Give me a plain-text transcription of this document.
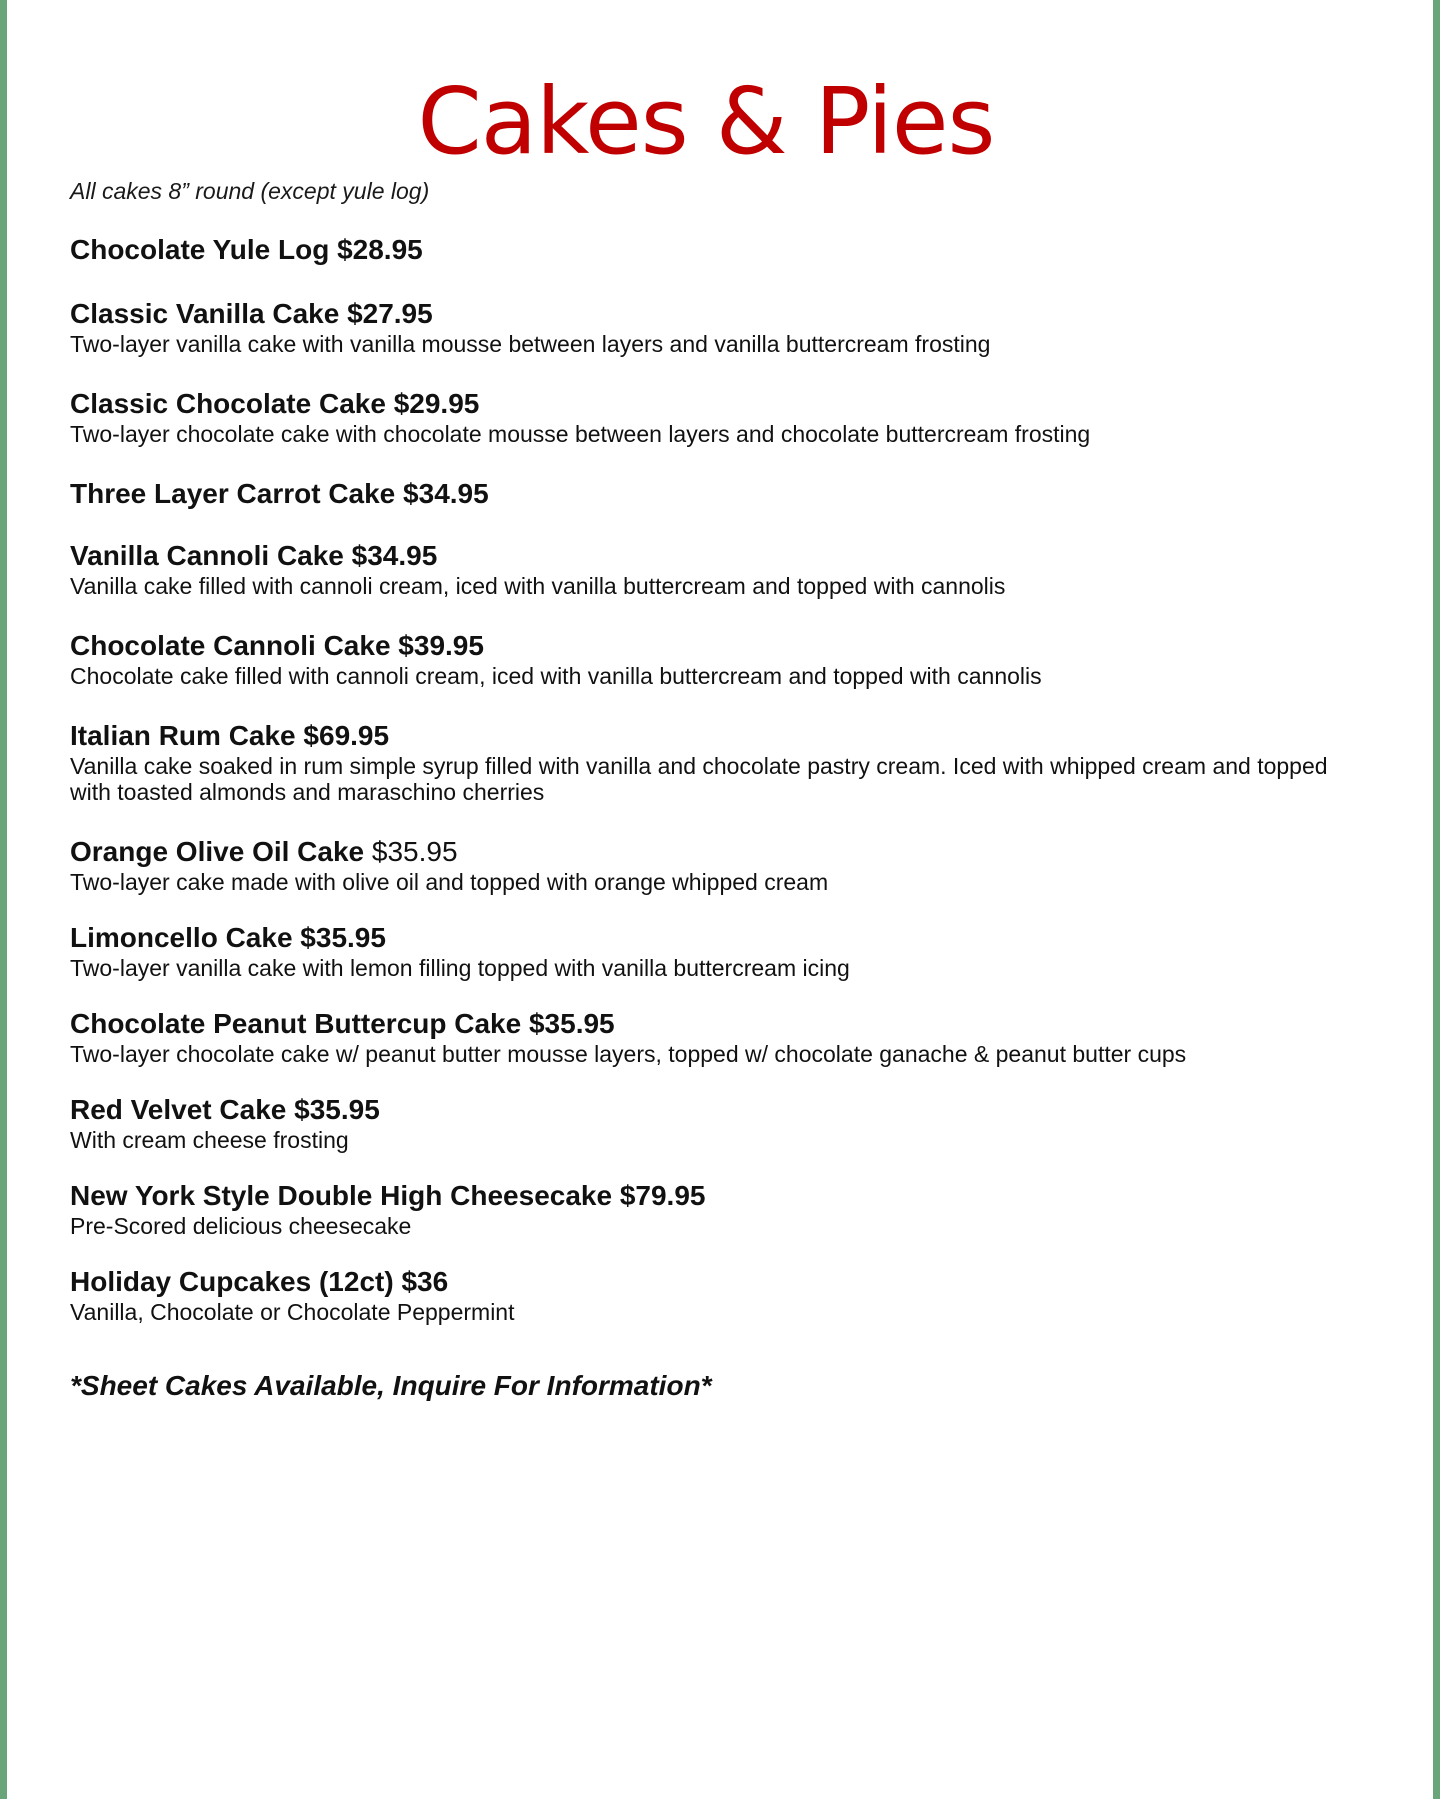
Cakes & Pies
All cakes 8” round (except yule log)
Chocolate Yule Log $28.95
Classic Vanilla Cake $27.95
Two-layer vanilla cake with vanilla mousse between layers and vanilla buttercream frosting
Classic Chocolate Cake $29.95
Two-layer chocolate cake with chocolate mousse between layers and chocolate buttercream frosting
Three Layer Carrot Cake $34.95
Vanilla Cannoli Cake $34.95
Vanilla cake filled with cannoli cream, iced with vanilla buttercream and topped with cannolis
Chocolate Cannoli Cake $39.95
Chocolate cake filled with cannoli cream, iced with vanilla buttercream and topped with cannolis
Italian Rum Cake $69.95
Vanilla cake soaked in rum simple syrup filled with vanilla and chocolate pastry cream. Iced with whipped cream and topped with toasted almonds and maraschino cherries
Orange Olive Oil Cake $35.95
Two-layer cake made with olive oil and topped with orange whipped cream
Limoncello Cake $35.95
Two-layer vanilla cake with lemon filling topped with vanilla buttercream icing
Chocolate Peanut Buttercup Cake $35.95
Two-layer chocolate cake w/ peanut butter mousse layers, topped w/ chocolate ganache & peanut butter cups
Red Velvet Cake $35.95
With cream cheese frosting
New York Style Double High Cheesecake $79.95
Pre-Scored delicious cheesecake
Holiday Cupcakes (12ct) $36
Vanilla, Chocolate or Chocolate Peppermint
*Sheet Cakes Available, Inquire For Information*
